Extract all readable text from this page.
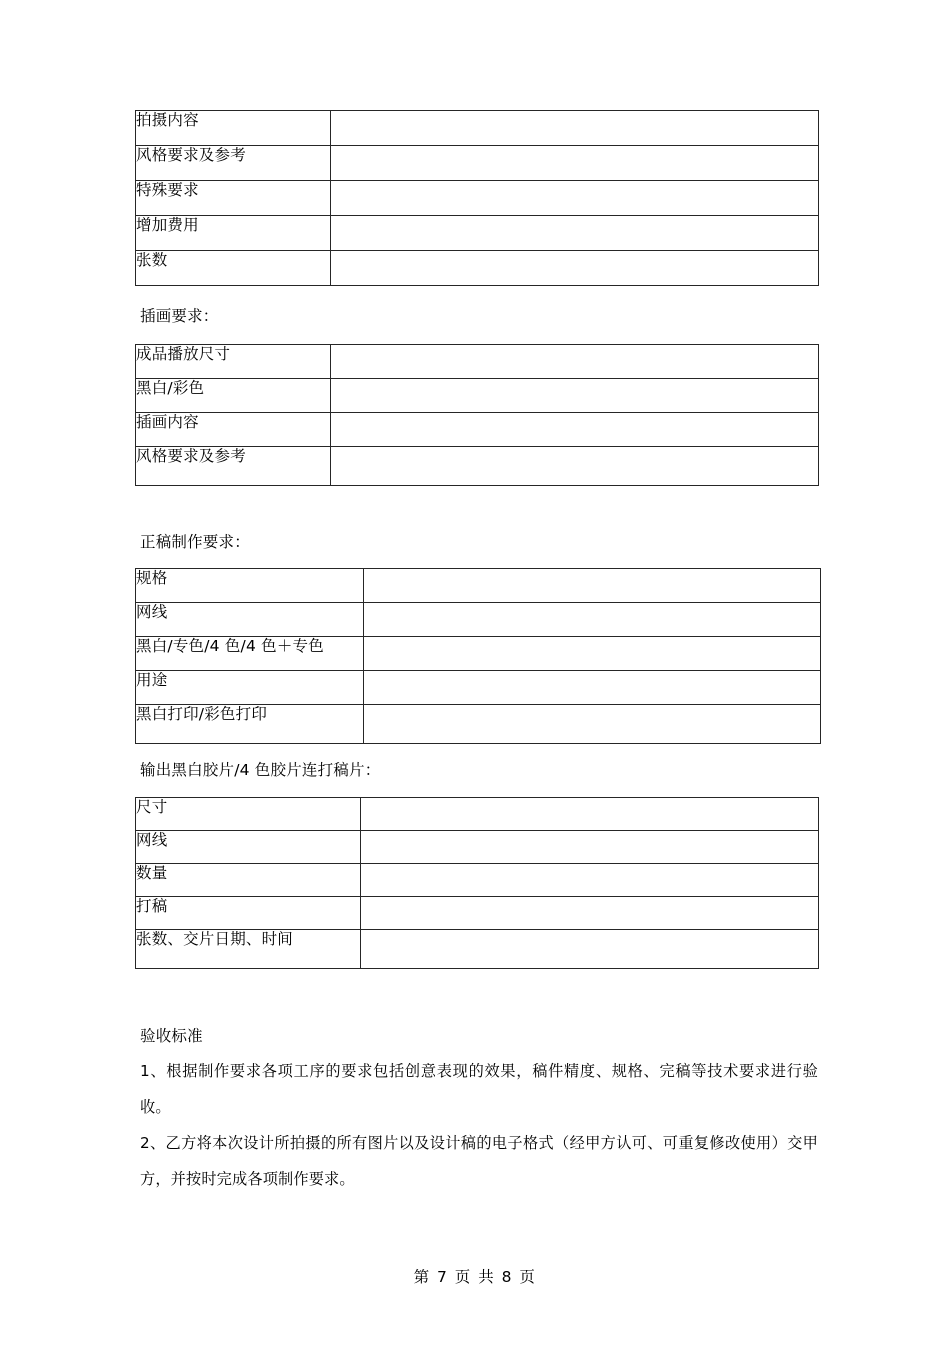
拍摄内容	
风格要求及参考	
特殊要求	
增加费用	
张数	
插画要求：
成品播放尺寸	
黑白/彩色	
插画内容	
风格要求及参考	
正稿制作要求：
规格	
网线	
黑白/专色/4 色/4 色＋专色	
用途	
黑白打印/彩色打印	
输出黑白胶片/4 色胶片连打稿片：
尺寸	
网线	
数量	
打稿	
张数、交片日期、时间	
验收标准
1、根据制作要求各项工序的要求包括创意表现的效果，稿件精度、规格、完稿等技术要求进行验收。
2、乙方将本次设计所拍摄的所有图片以及设计稿的电子格式（经甲方认可、可重复修改使用）交甲方，并按时完成各项制作要求。
第 7 页 共 8 页
